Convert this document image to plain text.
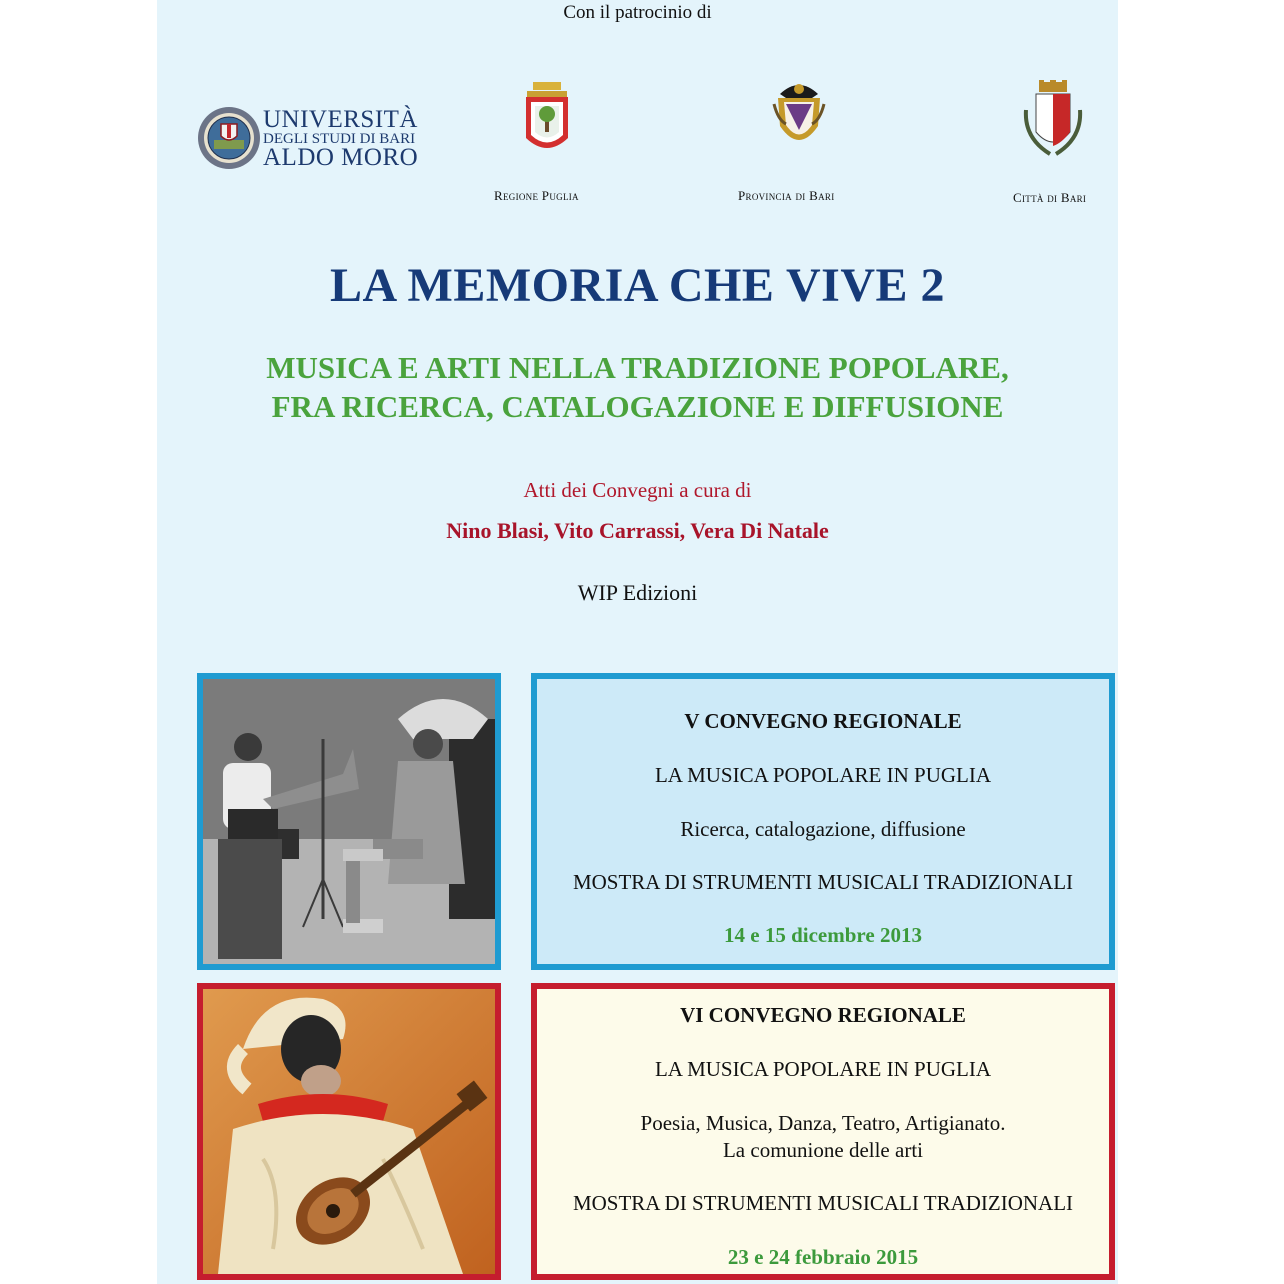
Con il patrocinio di
UNIVERSITÀ
DEGLI STUDI DI BARI
ALDO MORO
Regione Puglia	Provincia di Bari	Città di Bari
LA MEMORIA CHE VIVE 2
MUSICA E ARTI NELLA TRADIZIONE POPOLARE,
FRA RICERCA, CATALOGAZIONE E DIFFUSIONE
Atti dei Convegni a cura di
Nino Blasi, Vito Carrassi, Vera Di Natale
WIP Edizioni
V CONVEGNO REGIONALE
LA MUSICA POPOLARE IN PUGLIA
Ricerca, catalogazione, diffusione
MOSTRA DI STRUMENTI MUSICALI TRADIZIONALI
14 e 15 dicembre 2013
VI CONVEGNO REGIONALE
LA MUSICA POPOLARE IN PUGLIA
Poesia, Musica, Danza, Teatro, Artigianato.
La comunione delle arti
MOSTRA DI STRUMENTI MUSICALI TRADIZIONALI
23 e 24 febbraio 2015
